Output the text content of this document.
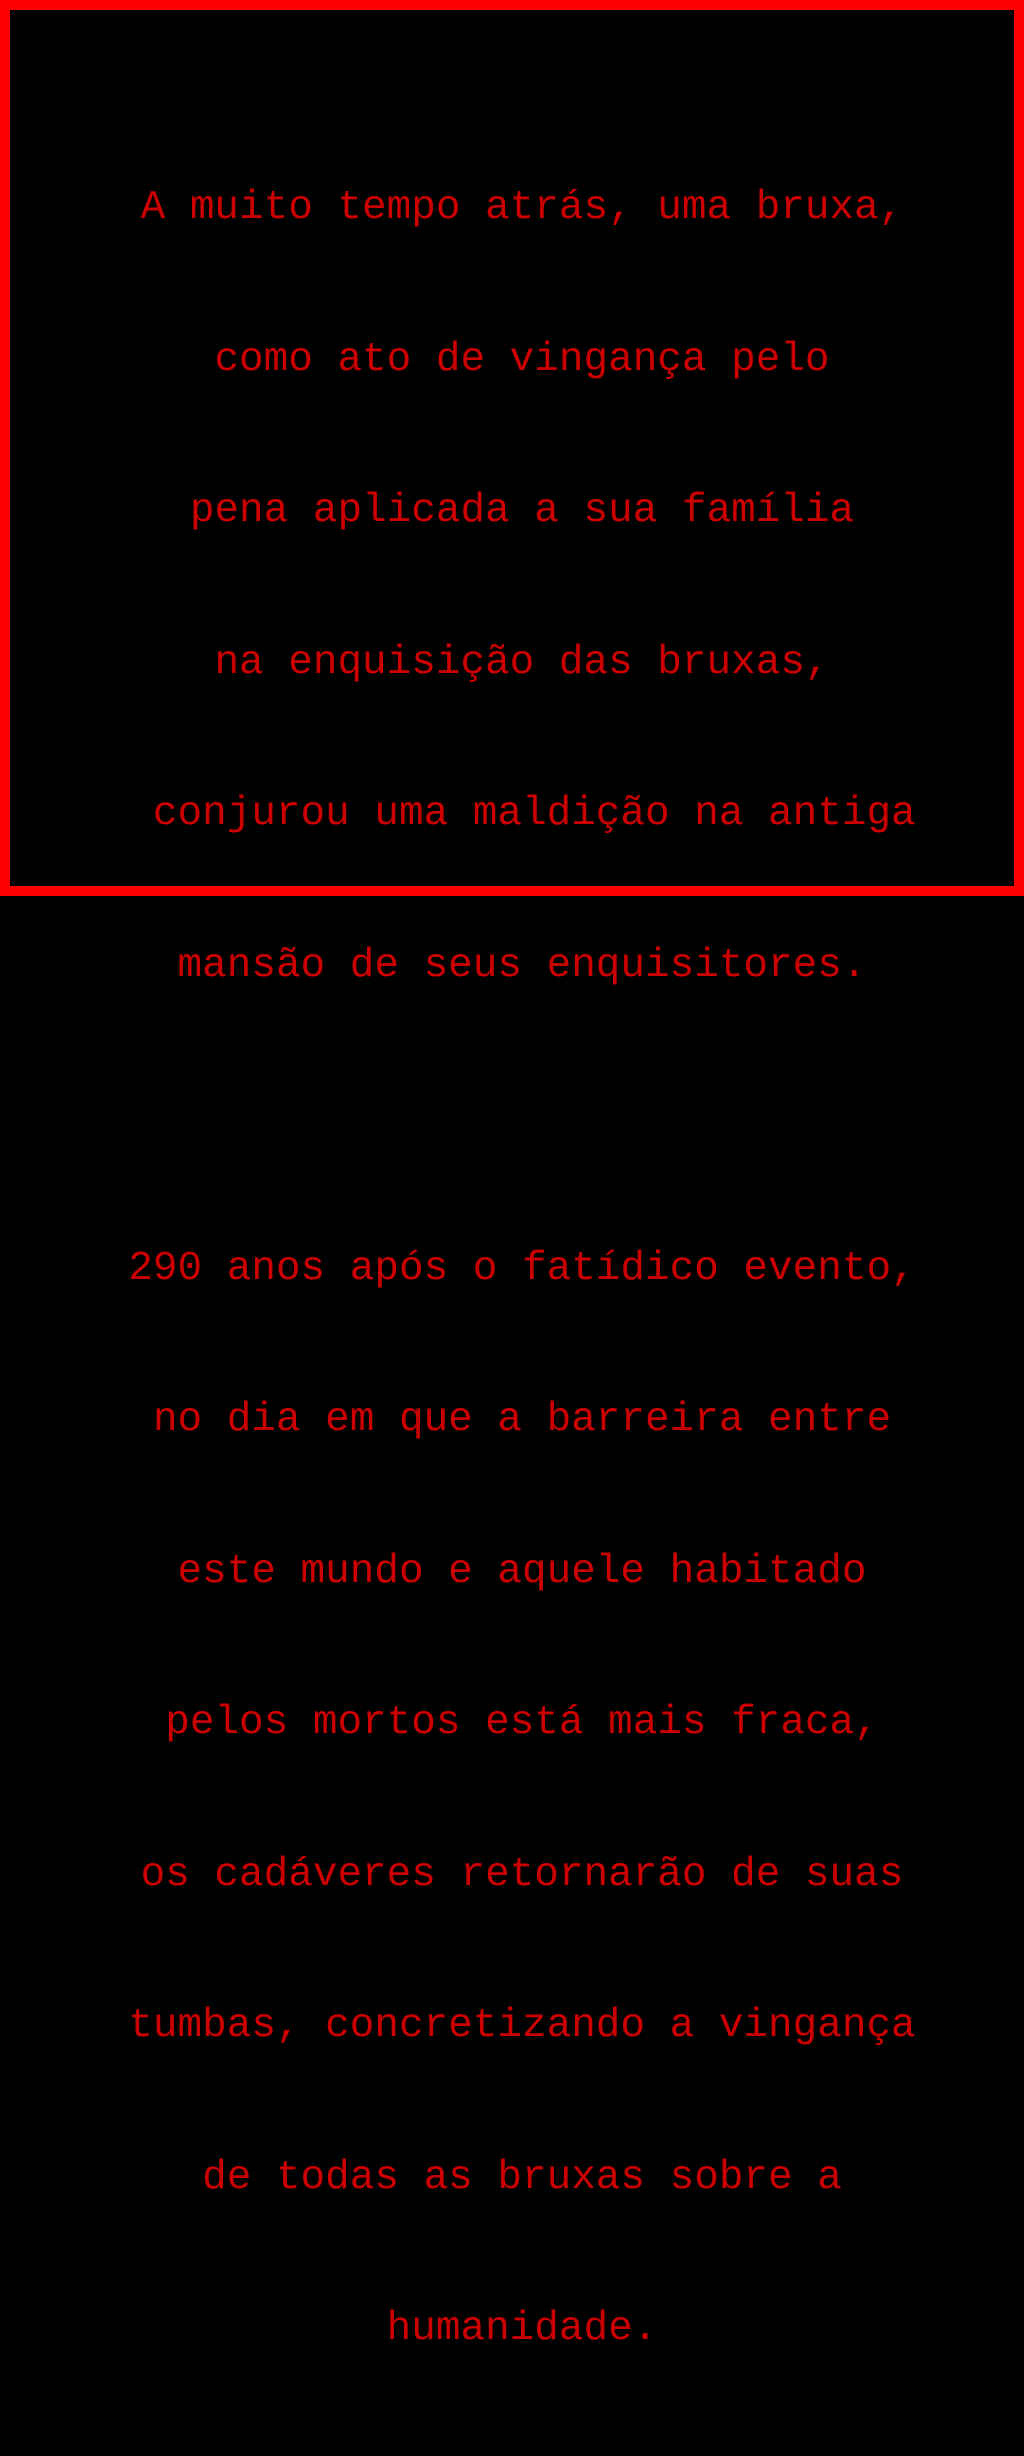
A muito tempo atrás, uma bruxa,

como ato de vingança pelo

pena aplicada a sua família

na enquisição das bruxas,

conjurou uma maldição na antiga

mansão de seus enquisitores.

290 anos após o fatídico evento,

no dia em que a barreira entre

este mundo e aquele habitado

pelos mortos está mais fraca,

os cadáveres retornarão de suas

tumbas, concretizando a vingança

de todas as bruxas sobre a

humanidade.
